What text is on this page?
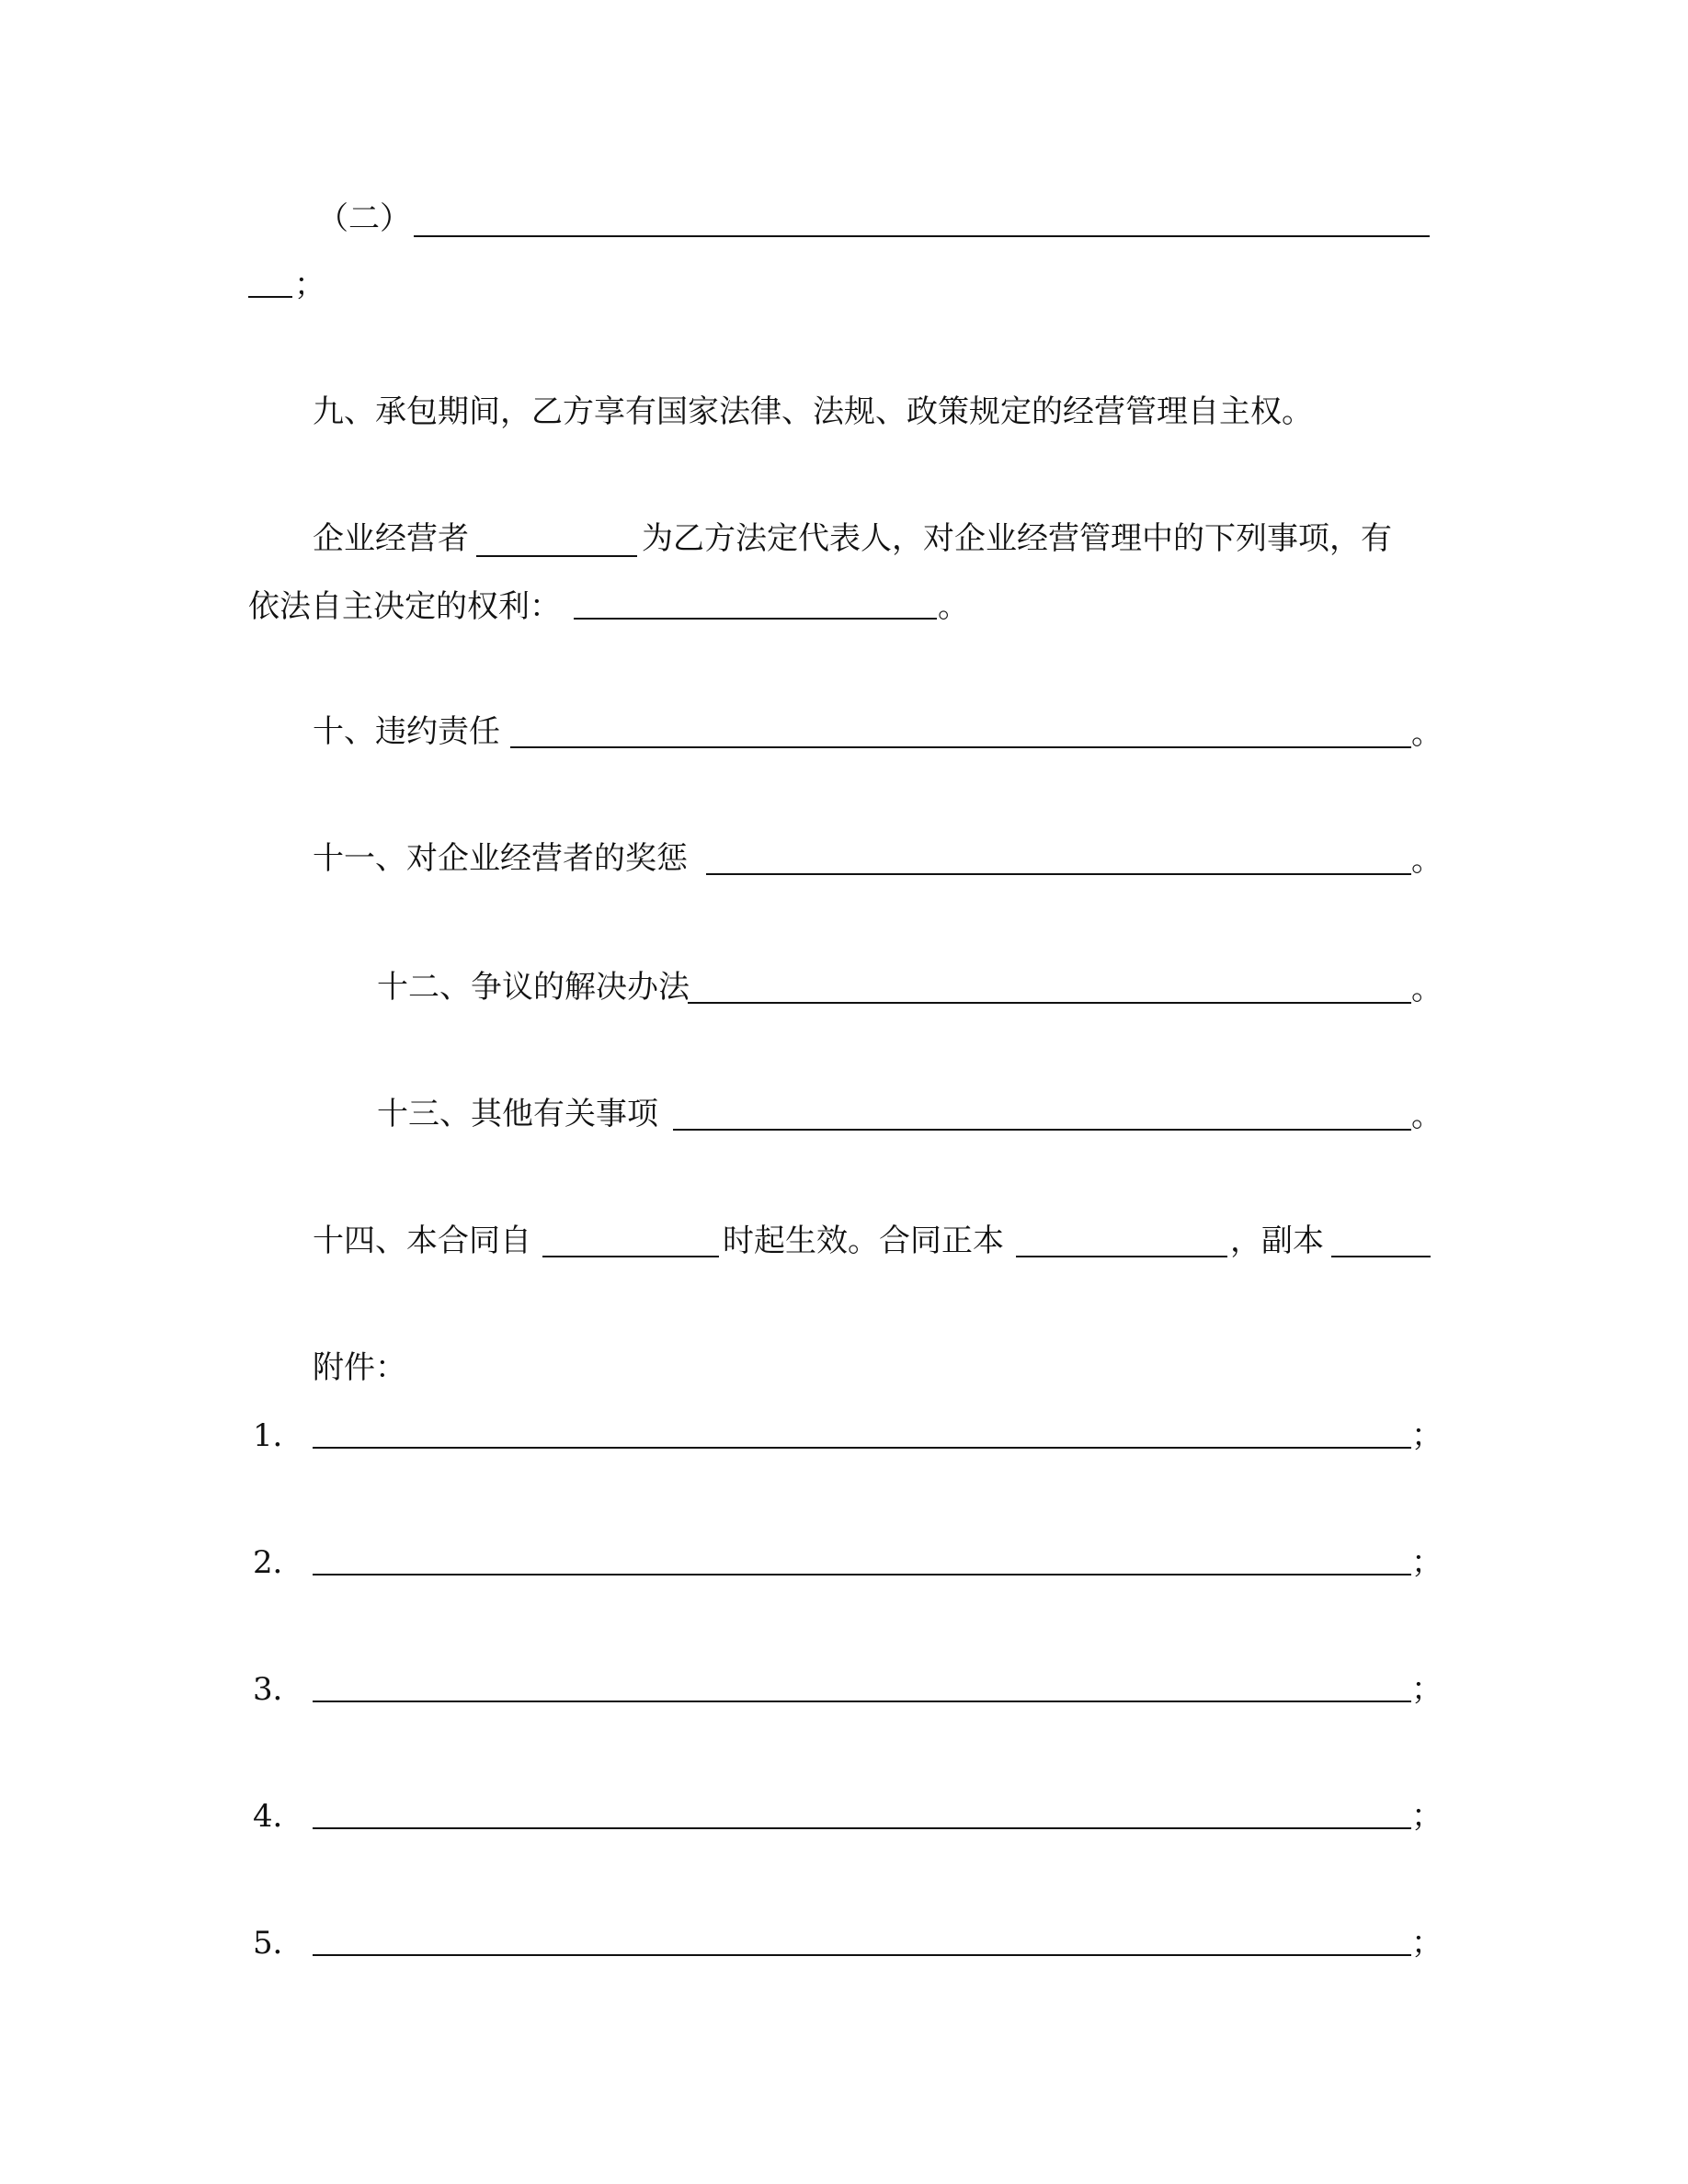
（二）
；
九、承包期间，乙方享有国家法律、法规、政策规定的经营管理自主权。
企业经营者	为乙方法定代表人，对企业经营管理中的下列事项，有
依法自主决定的权利：	。
十、违约责任	。
十一、对企业经营者的奖惩	。
十二、争议的解决办法	。
十三、其他有关事项	。
十四、本合同自	时起生效。合同正本	，副本
附件：
1．	；
2．	；
3．	；
4．	；
5．	；
